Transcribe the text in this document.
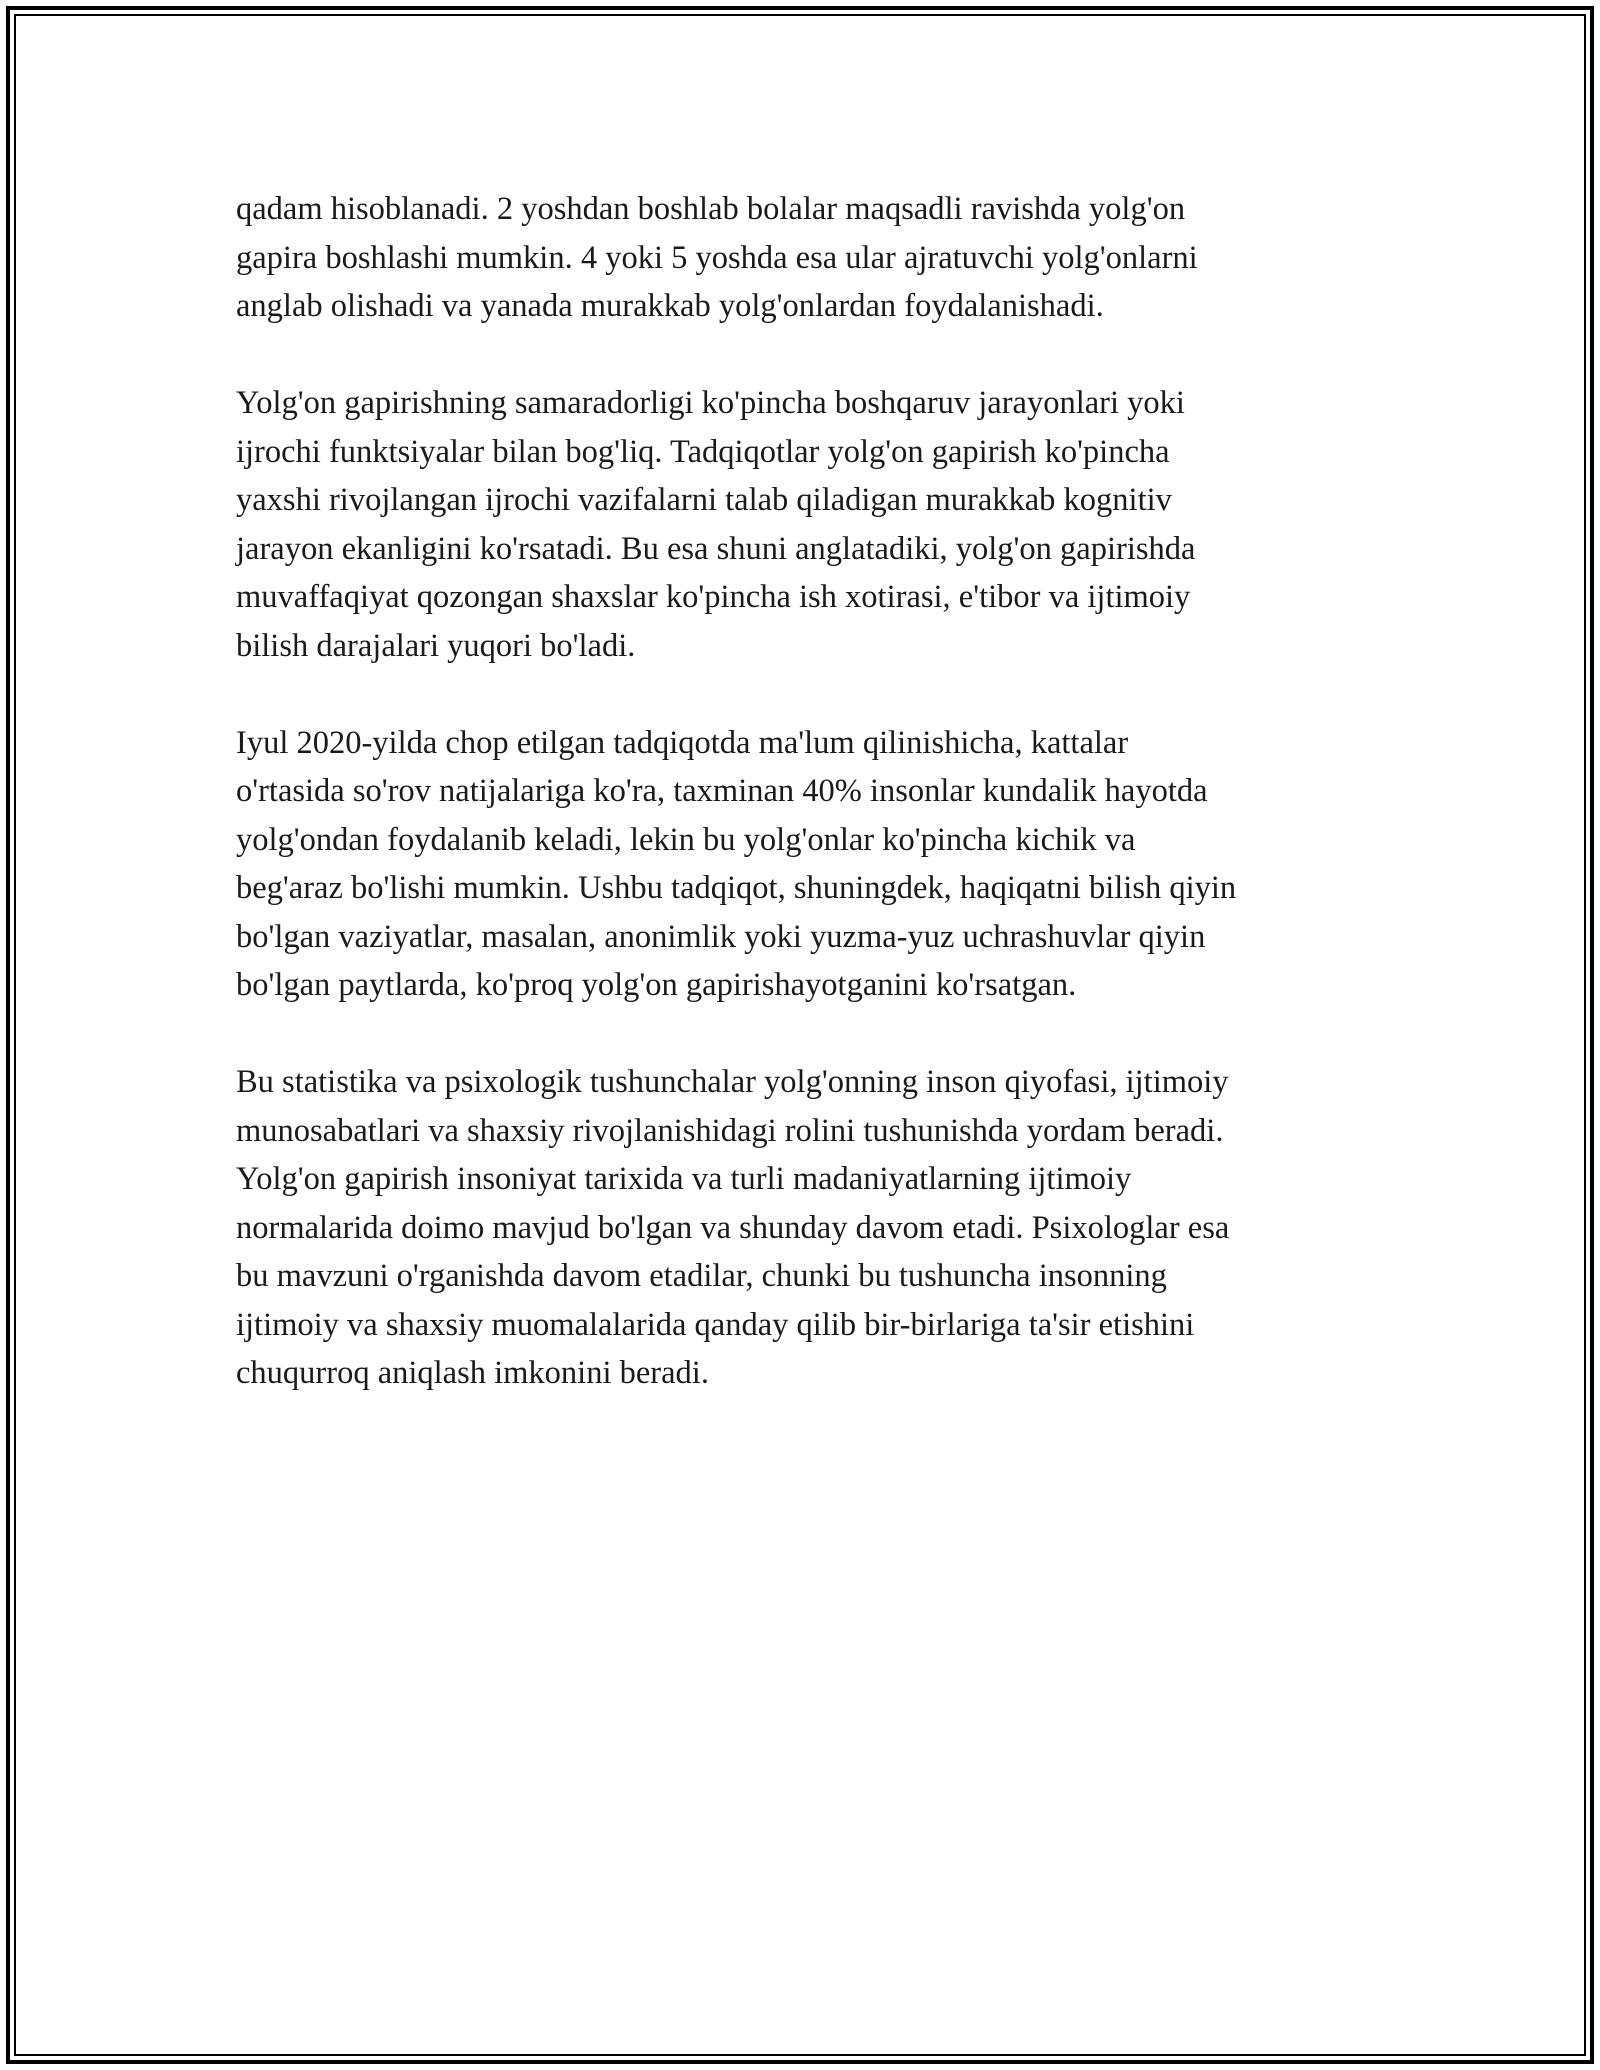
qadam hisoblanadi. 2 yoshdan boshlab bolalar maqsadli ravishda yolg'on
gapira boshlashi mumkin. 4 yoki 5 yoshda esa ular ajratuvchi yolg'onlarni
anglab olishadi va yanada murakkab yolg'onlardan foydalanishadi.

Yolg'on gapirishning samaradorligi ko'pincha boshqaruv jarayonlari yoki
ijrochi funktsiyalar bilan bog'liq. Tadqiqotlar yolg'on gapirish ko'pincha
yaxshi rivojlangan ijrochi vazifalarni talab qiladigan murakkab kognitiv
jarayon ekanligini ko'rsatadi. Bu esa shuni anglatadiki, yolg'on gapirishda
muvaffaqiyat qozongan shaxslar ko'pincha ish xotirasi, e'tibor va ijtimoiy
bilish darajalari yuqori bo'ladi.

Iyul 2020-yilda chop etilgan tadqiqotda ma'lum qilinishicha, kattalar
o'rtasida so'rov natijalariga ko'ra, taxminan 40% insonlar kundalik hayotda
yolg'ondan foydalanib keladi, lekin bu yolg'onlar ko'pincha kichik va
beg'araz bo'lishi mumkin. Ushbu tadqiqot, shuningdek, haqiqatni bilish qiyin
bo'lgan vaziyatlar, masalan, anonimlik yoki yuzma-yuz uchrashuvlar qiyin
bo'lgan paytlarda, ko'proq yolg'on gapirishayotganini ko'rsatgan.

Bu statistika va psixologik tushunchalar yolg'onning inson qiyofasi, ijtimoiy
munosabatlari va shaxsiy rivojlanishidagi rolini tushunishda yordam beradi.
Yolg'on gapirish insoniyat tarixida va turli madaniyatlarning ijtimoiy
normalarida doimo mavjud bo'lgan va shunday davom etadi. Psixologlar esa
bu mavzuni o'rganishda davom etadilar, chunki bu tushuncha insonning
ijtimoiy va shaxsiy muomalalarida qanday qilib bir-birlariga ta'sir etishini
chuqurroq aniqlash imkonini beradi.
